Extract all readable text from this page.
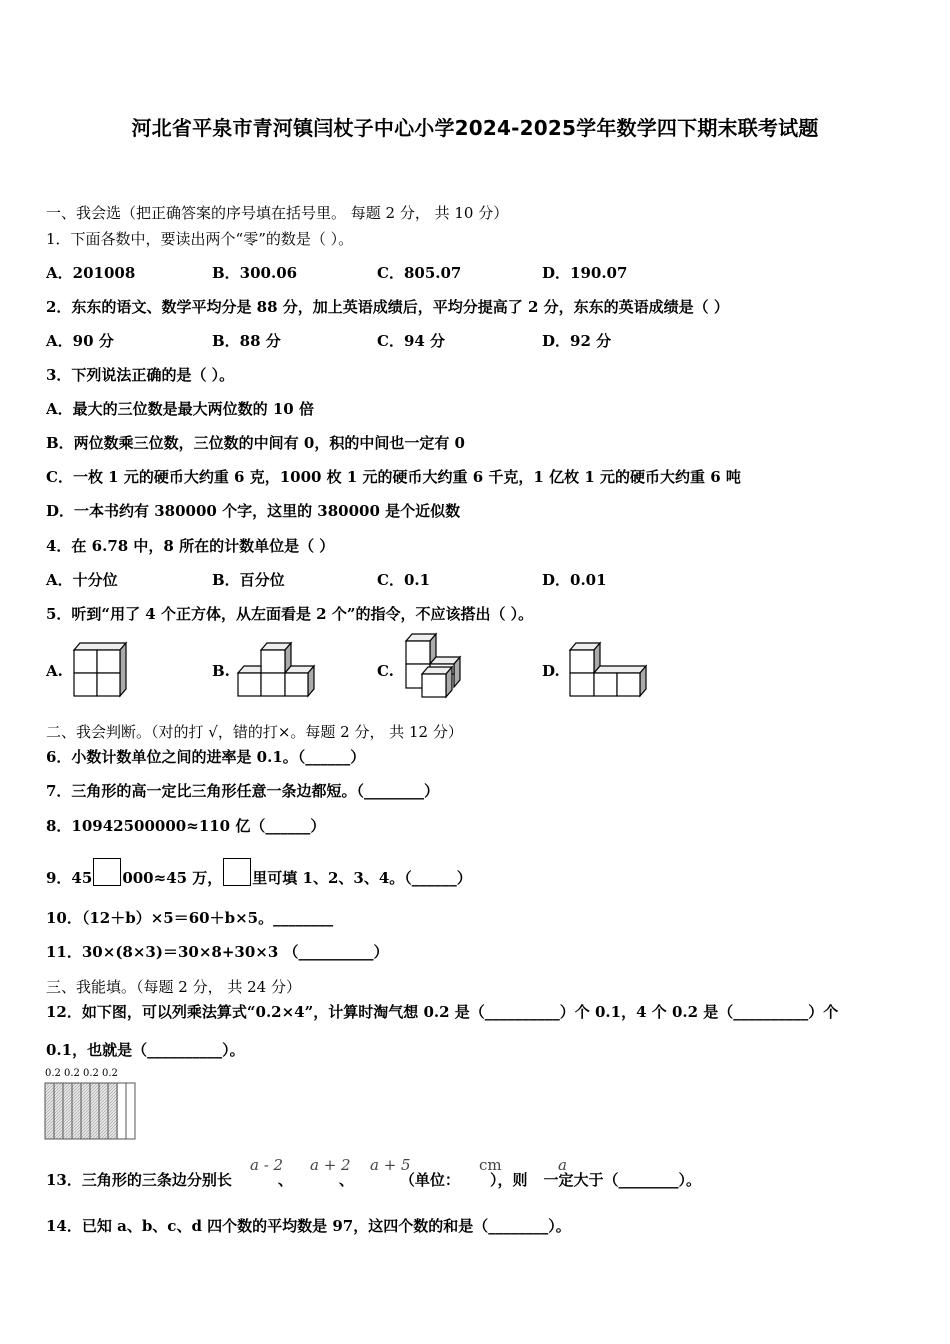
河北省平泉市青河镇闫杖子中心小学2024-2025学年数学四下期末联考试题
一、我会选（把正确答案的序号填在括号里。 每题 2 分， 共 10 分）
1．下面各数中，要读出两个“零”的数是（ ）。
A．201008	B．300.06	C．805.07	D．190.07
2．东东的语文、数学平均分是 88 分，加上英语成绩后，平均分提高了 2 分，东东的英语成绩是（ ）
A．90 分	B．88 分	C．94 分	D．92 分
3．下列说法正确的是（ ）。
A．最大的三位数是最大两位数的 10 倍
B．两位数乘三位数，三位数的中间有 0，积的中间也一定有 0
C．一枚 1 元的硬币大约重 6 克，1000 枚 1 元的硬币大约重 6 千克，1 亿枚 1 元的硬币大约重 6 吨
D．一本书约有 380000 个字，这里的 380000 是个近似数
4．在 6.78 中，8 所在的计数单位是（ ）
A．十分位	B．百分位	C．0.1	D．0.01
5．听到“用了 4 个正方体，从左面看是 2 个”的指令，不应该搭出（ ）。
A.	B.	C.	D.
二、我会判断。（对的打 √，错的打×。每题 2 分， 共 12 分）
6．小数计数单位之间的进率是 0.1。（______）
7．三角形的高一定比三角形任意一条边都短。（________）
8．10942500000≈110 亿（______）
9．45 000≈45 万， 里可填 1、2、3、4。（______）
10．（12＋b）×5＝60＋b×5。________
11．30×(8×3)＝30×8+30×3 （__________）
三、我能填。（每题 2 分， 共 24 分）
12．如下图，可以列乘法算式“0.2×4”，计算时淘气想 0.2 是（__________）个 0.1，4 个 0.2 是（__________）个
0.1，也就是（__________）。
0.2 0.2 0.2 0.2
13．三角形的三条边分别长	、	、	（单位： ），则 一定大于（________）。
a - 2 a + 2 a + 5	cm	a
14．已知 a、b、c、d 四个数的平均数是 97，这四个数的和是（________）。
